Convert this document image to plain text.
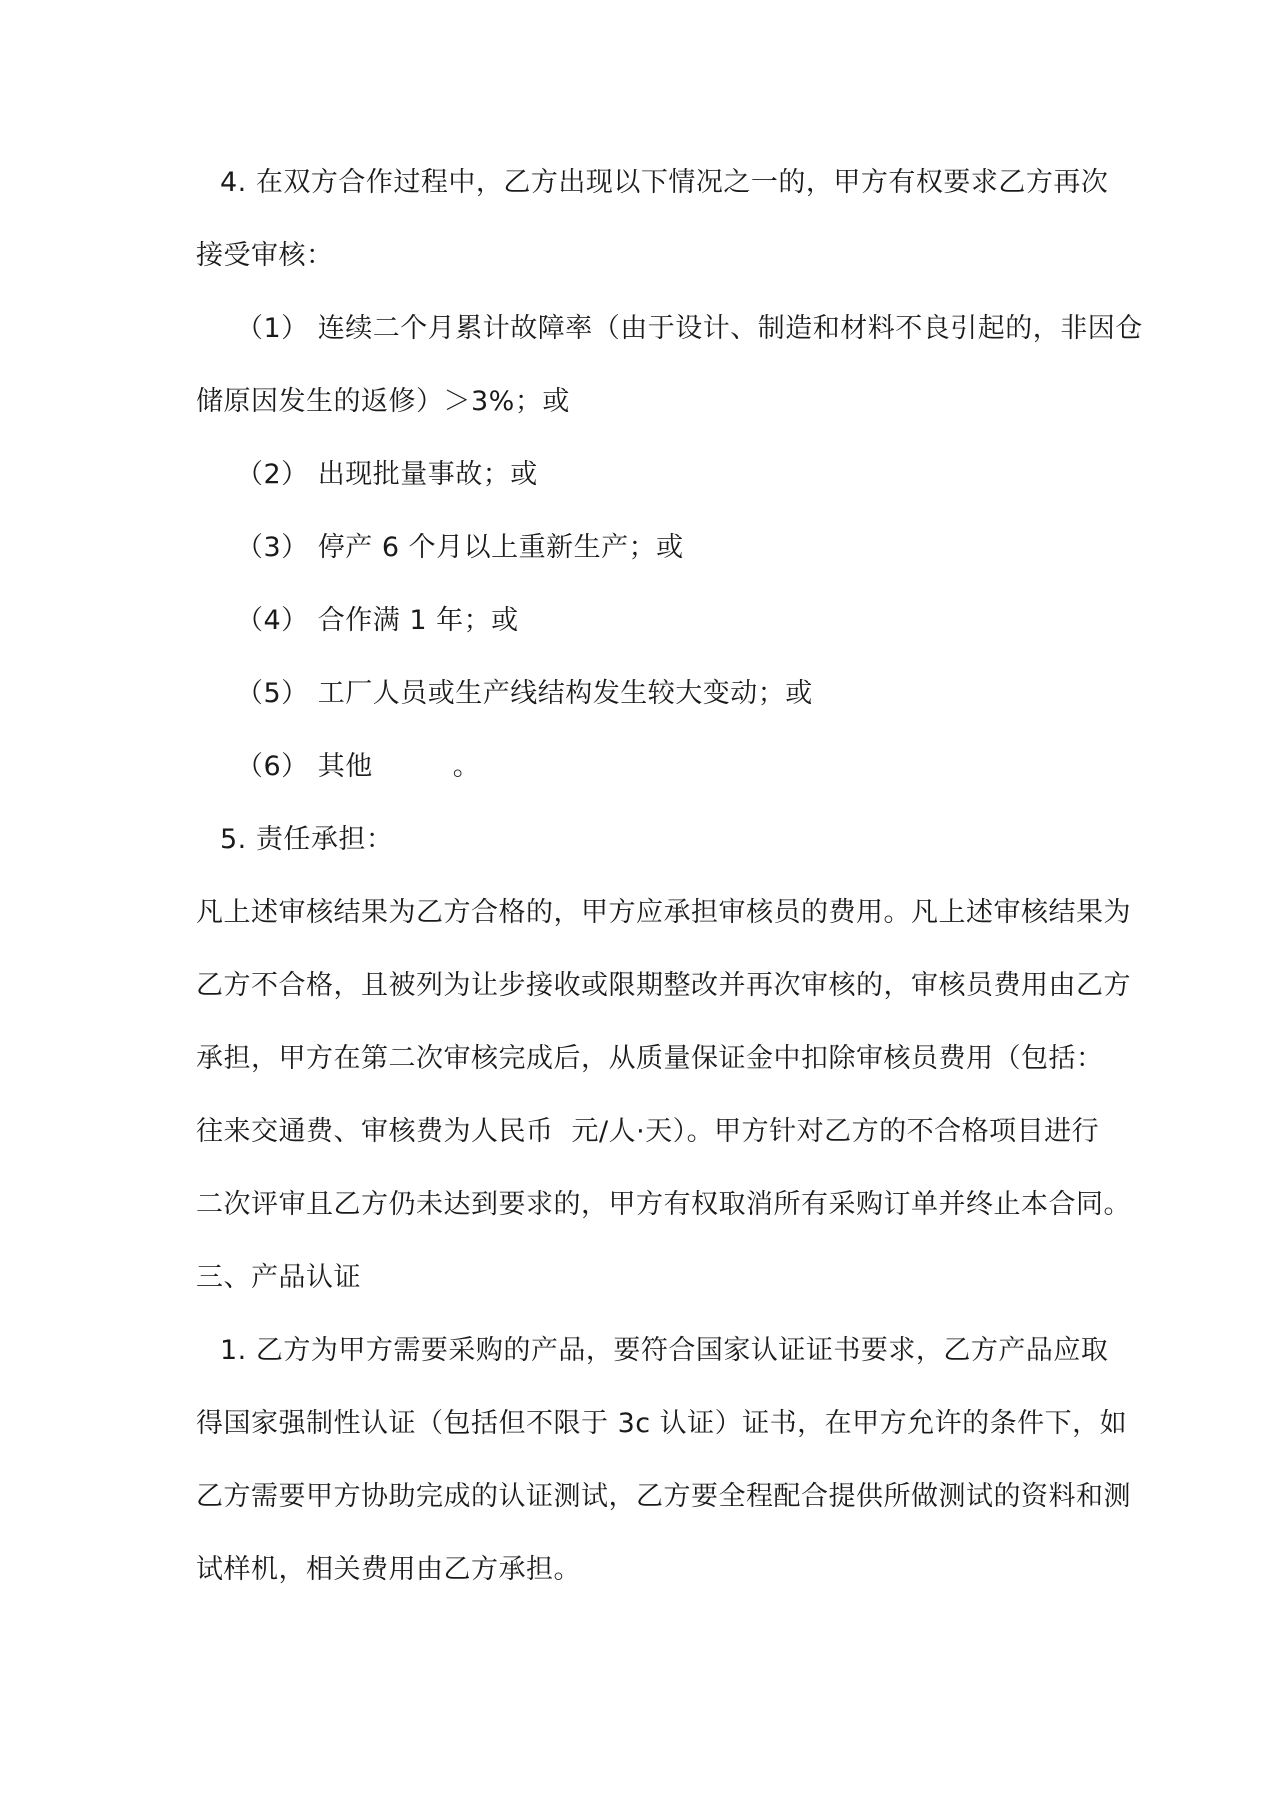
4. 在双方合作过程中，乙方出现以下情况之一的，甲方有权要求乙方再次
接受审核：
（1） 连续二个月累计故障率（由于设计、制造和材料不良引起的，非因仓
储原因发生的返修）＞3%；或
（2） 出现批量事故；或
（3） 停产 6 个月以上重新生产；或
（4） 合作满 1 年；或
（5） 工厂人员或生产线结构发生较大变动；或
（6） 其他	。
5. 责任承担：
凡上述审核结果为乙方合格的，甲方应承担审核员的费用。凡上述审核结果为
乙方不合格，且被列为让步接收或限期整改并再次审核的，审核员费用由乙方
承担，甲方在第二次审核完成后，从质量保证金中扣除审核员费用（包括：
往来交通费、审核费为人民币 元/人·天）。甲方针对乙方的不合格项目进行
二次评审且乙方仍未达到要求的，甲方有权取消所有采购订单并终止本合同。
三、产品认证
1. 乙方为甲方需要采购的产品，要符合国家认证证书要求，乙方产品应取
得国家强制性认证（包括但不限于 3c 认证）证书，在甲方允许的条件下，如
乙方需要甲方协助完成的认证测试，乙方要全程配合提供所做测试的资料和测
试样机，相关费用由乙方承担。
